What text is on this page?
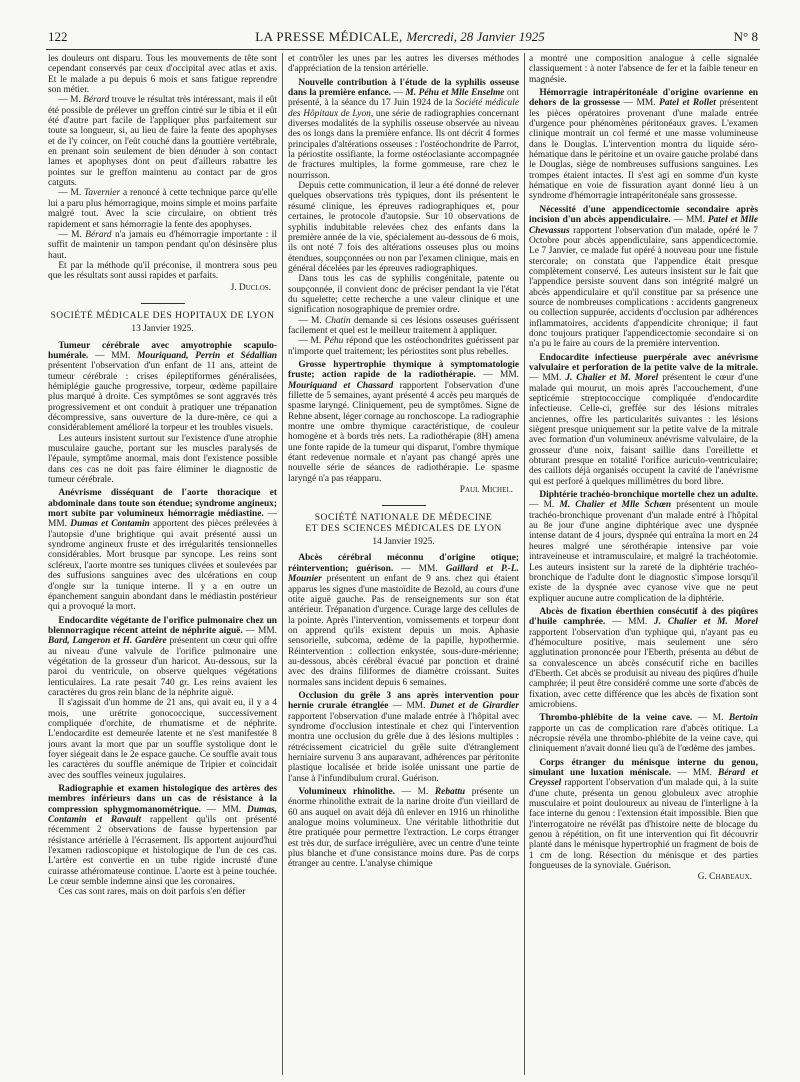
122	LA PRESSE MÉDICALE, Mercredi, 28 Janvier 1925	N° 8

les douleurs ont disparu. Tous les mouvements de tête sont cependant conservés par ceux d'occipital avec atlas et axis. Et le malade a pu depuis 6 mois et sans fatigue reprendre son métier.

— M. Bérard trouve le résultat très intéressant, mais il eût été possible de prélever un greffon cintré sur le tibia et il eût été d'autre part facile de l'appliquer plus parfaitement sur toute sa longueur, si, au lieu de faire la fente des apophyses et de l'y coincer, on l'eût couché dans la gouttière vertébrale, en prenant soin seulement de bien dénuder à son contact lames et apophyses dont on peut d'ailleurs rabattre les pointes sur le greffon maintenu au contact par de gros catguts.

— M. Tavernier a renoncé à cette technique parce qu'elle lui a paru plus hémorragique, moins simple et moins parfaite malgré tout. Avec la scie circulaire, on obtient très rapidement et sans hémorragie la fente des apophyses.

— M. Bérard n'a jamais eu d'hémorragie importante : il suffit de maintenir un tampon pendant qu'on désinsère plus haut.

Et par la méthode qu'il préconise, il montrera sous peu que les résultats sont aussi rapides et parfaits.

J. Duclos.

SOCIÉTÉ MÉDICALE DES HOPITAUX DE LYON

13 Janvier 1925.

Tumeur cérébrale avec amyotrophie scapulo-humérale. — MM. Mouriquand, Perrin et Sédallian présentent l'observation d'un enfant de 11 ans, atteint de tumeur cérébrale : crises épileptiformes généralisées, hémiplégie gauche progressive, torpeur, œdème papillaire plus marqué à droite. Ces symptômes se sont aggravés très progressivement et ont conduit à pratiquer une trépanation décompressive, sans ouverture de la dure-mère, ce qui a considérablement amélioré la torpeur et les troubles visuels.

Les auteurs insistent surtout sur l'existence d'une atrophie musculaire gauche, portant sur les muscles paralysés de l'épaule, symptôme anormal, mais dont l'existence possible dans ces cas ne doit pas faire éliminer le diagnostic de tumeur cérébrale.

Anévrisme disséquant de l'aorte thoracique et abdominale dans toute son étendue; syndrome angineux; mort subite par volumineux hémorragie médiastine. — MM. Dumas et Contamin apportent des pièces prélevées à l'autopsie d'une brightique qui avait présenté aussi un syndrome angineux fruste et des irrégularités tensionnelles considérables. Mort brusque par syncope. Les reins sont scléreux, l'aorte montre ses tuniques clivées et soulevées par des suffusions sanguines avec des ulcérations en coup d'ongle sur la tunique interne. Il y a en outre un épanchement sanguin abondant dans le médiastin postérieur qui a provoqué la mort.

Endocardite végétante de l'orifice pulmonaire chez un blennorragique récent atteint de néphrite aiguë. — MM. Bard, Langeron et H. Gardère présentent un cœur qui offre au niveau d'une valvule de l'orifice pulmonaire une végétation de la grosseur d'un haricot. Au-dessous, sur la paroi du ventricule, on observe quelques végétations lenticulaires. La rate pesait 740 gr. Les reins avaient les caractères du gros rein blanc de la néphrite aiguë.

Il s'agissait d'un homme de 21 ans, qui avait eu, il y a 4 mois, une urétrite gonococcique, successivement compliquée d'orchite, de rhumatisme et de néphrite. L'endocardite est demeurée latente et ne s'est manifestée 8 jours avant la mort que par un souffle systolique dont le foyer siégeait dans le 2e espace gauche. Ce souffle avait tous les caractères du souffle anémique de Tripier et coïncidait avec des souffles veineux jugulaires.

Radiographie et examen histologique des artères des membres inférieurs dans un cas de résistance à la compression sphygmomanométrique. — MM. Dumas, Contamin et Ravault rappellent qu'ils ont présenté récemment 2 observations de fausse hypertension par résistance artérielle à l'écrasement. Ils apportent aujourd'hui l'examen radioscopique et histologique de l'un de ces cas. L'artère est convertie en un tube rigide incrusté d'une cuirasse athéromateuse continue. L'aorte est à peine touchée. Le cœur semble indemne ainsi que les coronaires.

Ces cas sont rares, mais on doit parfois s'en défier

et contrôler les unes par les autres les diverses méthodes d'appréciation de la tension artérielle.

Nouvelle contribution à l'étude de la syphilis osseuse dans la première enfance. — M. Péhu et Mlle Enselme ont présenté, à la séance du 17 Juin 1924 de la Société médicale des Hôpitaux de Lyon, une série de radiographies concernant diverses modalités de la syphilis osseuse observée au niveau des os longs dans la première enfance. Ils ont décrit 4 formes principales d'altérations osseuses : l'ostéochondrite de Parrot, la périostite ossifiante, la forme ostéoclasiante accompagnée de fractures multiples, la forme gommeuse, rare chez le nourrisson.

Depuis cette communication, il leur a été donné de relever quelques observations très typiques, dont ils présentent le résumé clinique, les épreuves radiographiques et, pour certaines, le protocole d'autopsie. Sur 10 observations de syphilis indubitable relevées chez des enfants dans la première année de la vie, spécialement au-dessous de 6 mois, ils ont noté 7 fois des altérations osseuses plus ou moins étendues, soupçonnées ou non par l'examen clinique, mais en général décelées par les épreuves radiographiques.

Dans tous les cas de syphilis congénitale, patente ou soupçonnée, il convient donc de préciser pendant la vie l'état du squelette; cette recherche a une valeur clinique et une signification nosographique de premier ordre.

— M. Chatin demande si ces lésions osseuses guérissent facilement et quel est le meilleur traitement à appliquer.

— M. Péhu répond que les ostéochondrites guérissent par n'importe quel traitement; les périostites sont plus rebelles.

Grosse hypertrophie thymique à symptomatologie fruste; action rapide de la radiothérapie. — MM. Mouriquand et Chassard rapportent l'observation d'une fillette de 5 semaines, ayant présenté 4 accès peu marqués de spasme laryngé. Cliniquement, peu de symptômes. Signe de Rehne absent, léger cornage au ronchoscope. La radiographie montre une ombre thymique caractéristique, de couleur homogène et à bords très nets. La radiothérapie (8H) amena une fonte rapide de la tumeur qui disparut, l'ombre thymique étant redevenue normale et n'ayant pas changé après une nouvelle série de séances de radiothérapie. Le spasme laryngé n'a pas réapparu.

Paul Michel.

SOCIÉTÉ NATIONALE DE MÉDECINE
ET DES SCIENCES MÉDICALES DE LYON

14 Janvier 1925.

Abcès cérébral méconnu d'origine otique; réintervention; guérison. — MM. Gaillard et P.-L. Mounier présentent un enfant de 9 ans. chez qui étaient apparus les signes d'une mastoïdite de Bezold, au cours d'une otite aiguë gauche. Pas de renseignements sur son état antérieur. Trépanation d'urgence. Curage large des cellules de la pointe. Après l'intervention, vomissements et torpeur dont on apprend qu'ils existent depuis un mois. Aphasie sensorielle, subcoma, œdème de la papille, hypothermie. Réintervention : collection enkystée, sous-dure-mérienne; au-dessous, abcès cérébral évacué par ponction et drainé avec des drains filiformes de diamètre croissant. Suites normales sans incident depuis 6 semaines.

Occlusion du grêle 3 ans après intervention pour hernie crurale étranglée — MM. Dunet et de Girardier rapportent l'observation d'une malade entrée à l'hôpital avec syndrome d'occlusion intestinale et chez qui l'intervention montra une occlusion du grêle due à des lésions multiples : rétrécissement cicatriciel du grêle suite d'étranglement herniaire survenu 3 ans auparavant, adhérences par péritonite plastique localisée et bride isolée unissant une partie de l'anse à l'infundibulum crural. Guérison.

Volumineux rhinolithe. — M. Rebattu présente un énorme rhinolithe extrait de la narine droite d'un vieillard de 60 ans auquel on avait déjà dû enlever en 1916 un rhinolithe analogue moins volumineux. Une véritable lithothritie dut être pratiquée pour permettre l'extraction. Le corps étranger est très dur, de surface irrégulière, avec un centre d'une teinte plus blanche et d'une consistance moins dure. Pas de corps étranger au centre. L'analyse chimique

a montré une composition analogue à celle signalée classiquement : à noter l'absence de fer et la faible teneur en magnésie.

Hémorragie intrapéritonéale d'origine ovarienne en dehors de la grossesse — MM. Patel et Rollet présentent les pièces opératoires provenant d'une malade entrée d'urgence pour phénomènes péritonéaux graves. L'examen clinique montrait un col fermé et une masse volumineuse dans le Douglas. L'intervention montra du liquide séro-hématique dans le péritoine et un ovaire gauche prolabé dans le Douglas, siège de nombreuses suffusions sanguines. Les trompes étaient intactes. Il s'est agi en somme d'un kyste hématique en voie de fissuration ayant donné lieu à un syndrome d'hémorragie intrapéritonéale sans grossesse.

Nécessité d'une appendicectomie secondaire après incision d'un abcès appendiculaire. — MM. Patel et Mlle Chevassus rapportent l'observation d'un malade, opéré le 7 Octobre pour abcès appendiculaire, sans appendicectomie. Le 7 Janvier, ce malade fut opéré à nouveau pour une fistule stercorale; on constata que l'appendice était presque complètement conservé. Les auteurs insistent sur le fait que l'appendice persiste souvent dans son intégrité malgré un abcès appendiculaire et qu'il constitue par sa présence une source de nombreuses complications : accidents gangreneux ou collection suppurée, accidents d'occlusion par adhérences inflammatoires, accidents d'appendicite chronique; il faut donc toujours pratiquer l'appendicectomie secondaire si on n'a pu le faire au cours de la première intervention.

Endocardite infectieuse puerpérale avec anévrisme valvulaire et perforation de la petite valve de la mitrale. — MM. J. Chalier et M. Morel présentent le cœur d'une malade qui mourut, un mois après l'accouchement, d'une septicémie streptococcique compliquée d'endocardite infectieuse. Celle-ci, greffée sur des lésions mitrales anciennes, offre les particularités suivantes : les lésions siègent presque uniquement sur la petite valve de la mitrale avec formation d'un volumineux anévrisme valvulaire, de la grosseur d'une noix, faisant saillie dans l'oreillette et obturant presque en totalité l'orifice auriculo-ventriculaire; des caillots déjà organisés occupent la cavité de l'anévrisme qui est perforé à quelques millimètres du bord libre.

Diphtérie trachéo-bronchique mortelle chez un adulte. — M. M. Chalier et Mlle Schœn présentent un moule trachéo-bronchique provenant d'un malade entré à l'hôpital au 8e jour d'une angine diphtérique avec une dyspnée intense datant de 4 jours, dyspnée qui entraîna la mort en 24 heures malgré une sérothérapie intensive par voie intraveineuse et intramusculaire, et malgré la trachéotomie. Les auteurs insistent sur la rareté de la diphtérie trachéo-bronchique de l'adulte dont le diagnostic s'impose lorsqu'il existe de la dyspnée avec cyanose vive que ne peut expliquer aucune autre complication de la diphtérie.

Abcès de fixation éberthien consécutif à des piqûres d'huile camphrée. — MM. J. Chalier et M. Morel rapportent l'observation d'un typhique qui, n'ayant pas eu d'hémoculture positive, mais seulement une séro agglutination prononcée pour l'Eberth, présenta au début de sa convalescence un abcès consécutif riche en bacilles d'Eberth. Cet abcès se produisit au niveau des piqûres d'huile camphrée; il peut être considéré comme une sorte d'abcès de fixation, avec cette différence que les abcès de fixation sont amicrobiens.

Thrombo-phlébite de la veine cave. — M. Bertoin rapporte un cas de complication rare d'abcès otitique. La nécropsie révéla une thrombo-phlébite de la veine cave, qui cliniquement n'avait donné lieu qu'à de l'œdème des jambes.

Corps étranger du ménisque interne du genou, simulant une luxation méniscale. — MM. Bérard et Creyssel rapportent l'observation d'un malade qui, à la suite d'une chute, présenta un genou globuleux avec atrophie musculaire et point douloureux au niveau de l'interligne à la face interne du genou : l'extension était impossible. Bien que l'interrogatoire ne révélât pas d'histoire nette de blocage du genou à répétition, on fit une intervention qui fit découvrir planté dans le ménisque hypertrophié un fragment de bois de 1 cm de long. Résection du ménisque et des parties fongueuses de la synoviale. Guérison.

G. Chabeaux.
